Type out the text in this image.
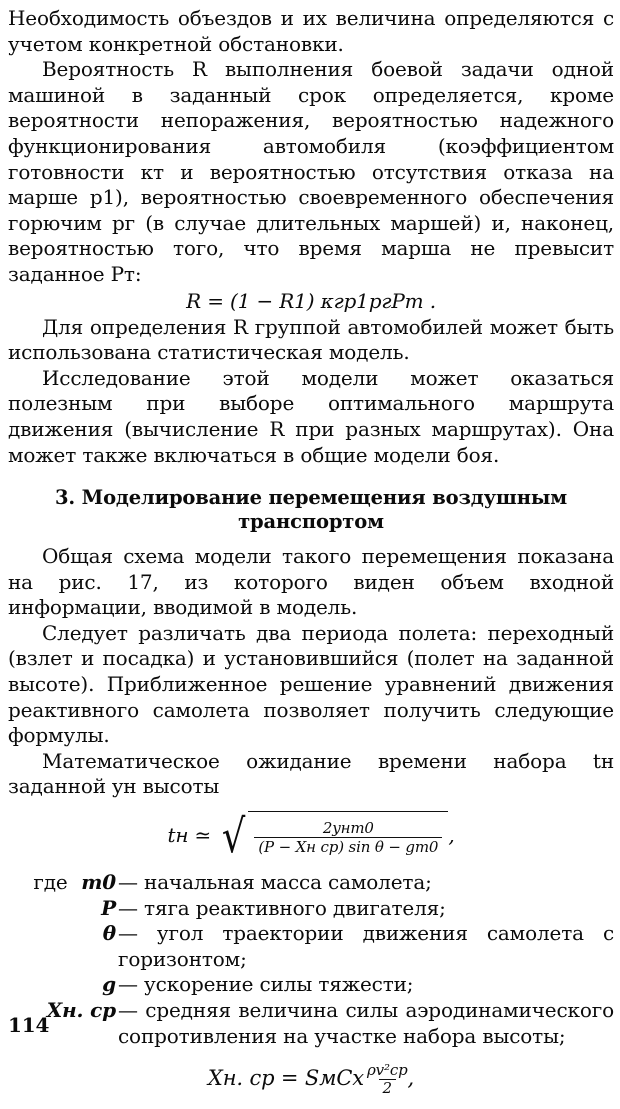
Необходимость объездов и их величина определяются с учетом конкретной обстановки.

Вероятность R выполнения боевой задачи одной машиной в заданный срок определяется, кроме вероятности непоражения, вероятностью надежного функционирования автомобиля (коэффициентом готовности κт и вероятностью отсутствия отказа на марше p1), вероятностью своевременного обеспечения горючим pг (в случае длительных маршей) и, наконец, вероятностью того, что время марша не превысит заданное Pт:

R = (1 − R1) κгp1pгPт .

Для определения R группой автомобилей может быть использована статистическая модель.

Исследование этой модели может оказаться полезным при выборе оптимального маршрута движения (вычисление R при разных маршрутах). Она может также включаться в общие модели боя.

3. Моделирование перемещения воздушным
транспортом

Общая схема модели такого перемещения показана на рис. 17, из которого виден объем входной информации, вводимой в модель.

Следует различать два периода полета: переходный (взлет и посадка) и установившийся (полет на заданной высоте). Приближенное решение уравнений движения реактивного самолета позволяет получить следующие формулы.

Математическое ожидание времени набора tн заданной yн высоты

tн ≃ √ $\frac{\text{2yнm0}}{\text{(P − Xн ср) sin θ − gm0}}$ ,
где m0 — начальная масса самолета;
P — тяга реактивного двигателя;
θ — угол траектории движения самолета с горизонтом;
g — ускорение силы тяжести;
Xн. ср — средняя величина силы аэродинамического сопротивления на участке набора высоты;
Xн. ср = SмCx $\frac{\text{ρv²ср}}{2}$ ,
114
